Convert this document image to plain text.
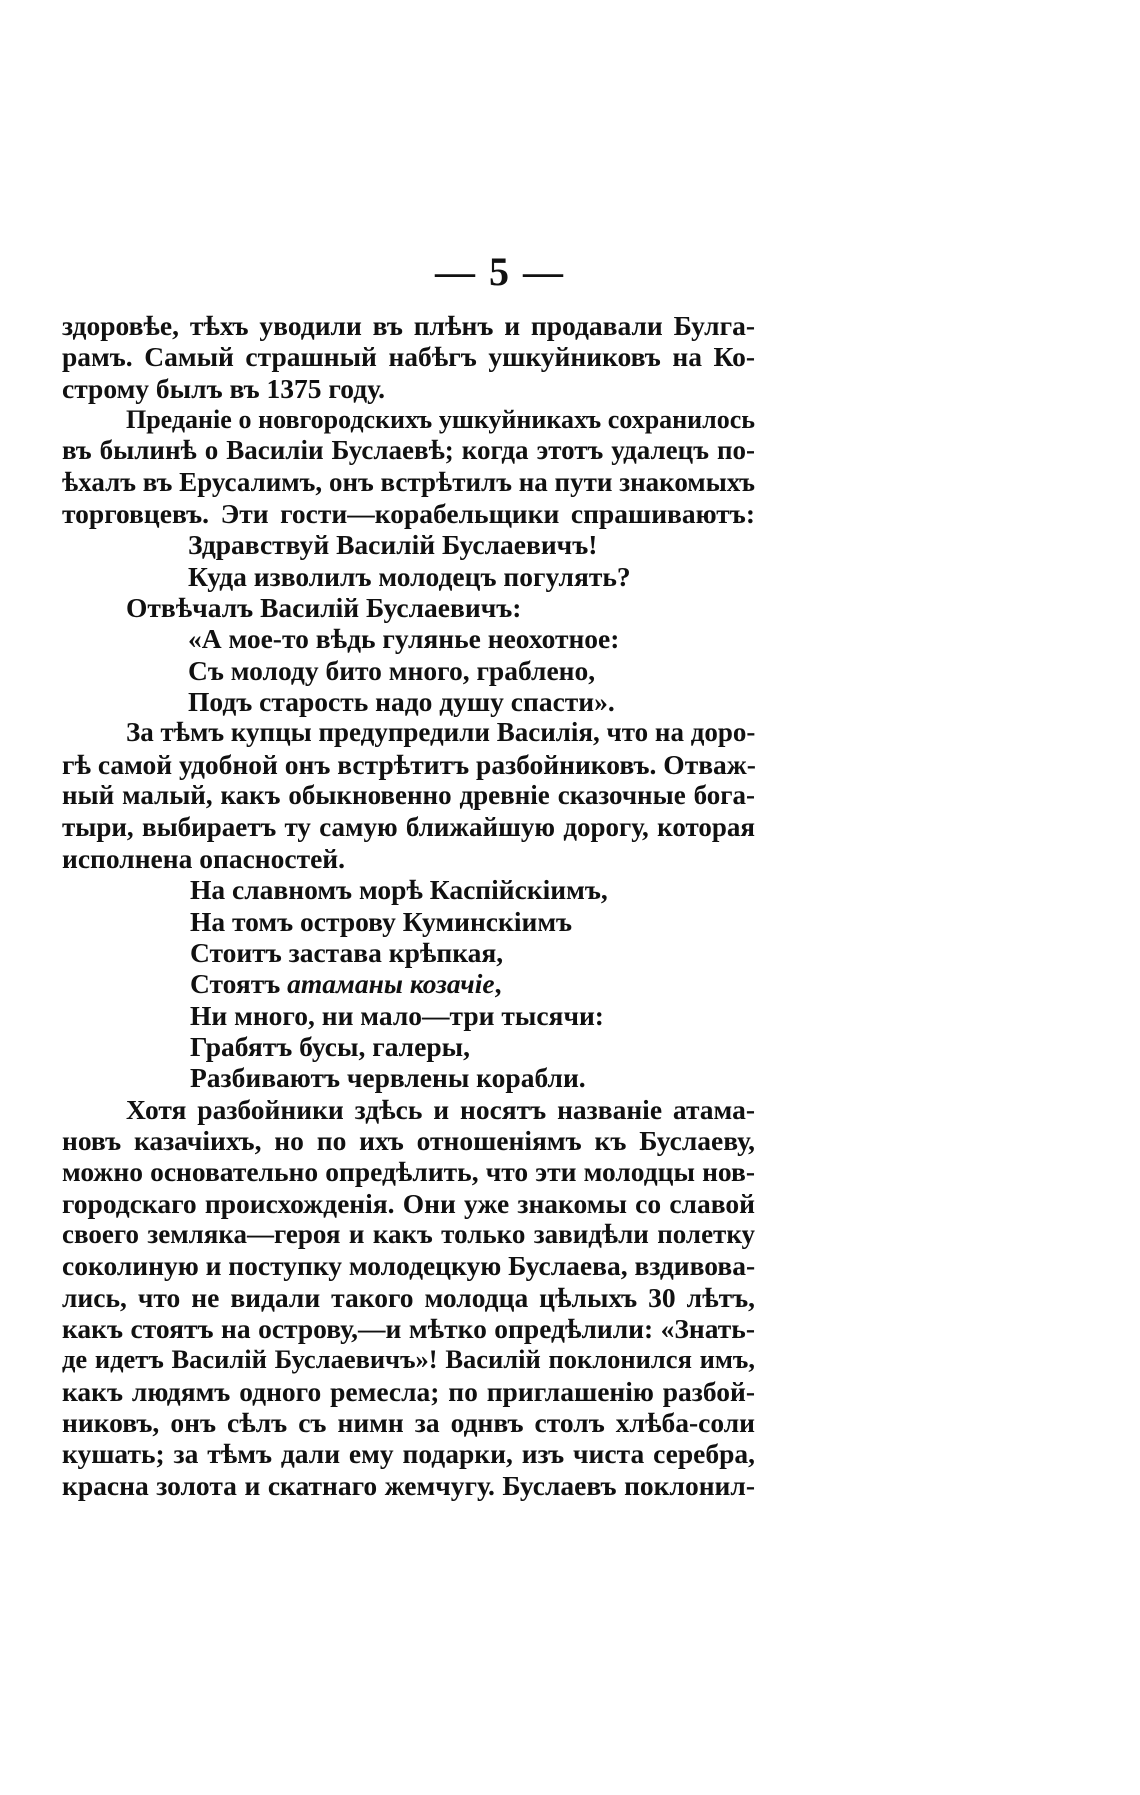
— 5 —
здоровѣе, тѣхъ уводили въ плѣнъ и продавали Булга-
рамъ. Самый страшный набѣгъ ушкуйниковъ на Ко-
строму былъ въ 1375 году.
Преданіе о новгородскихъ ушкуйникахъ сохранилось
въ былинѣ о Василіи Буслаевѣ; когда этотъ удалецъ по-
ѣхалъ въ Ерусалимъ, онъ встрѣтилъ на пути знакомыхъ
торговцевъ. Эти гости—корабельщики спрашиваютъ:
Здравствуй Василій Буслаевичъ!
Куда изволилъ молодецъ погулять?
Отвѣчалъ Василій Буслаевичъ:
«А мое-то вѣдь гулянье неохотное:
Съ молоду бито много, граблено,
Подъ старость надо душу спасти».
За тѣмъ купцы предупредили Василія, что на доро-
гѣ самой удобной онъ встрѣтитъ разбойниковъ. Отваж-
ный малый, какъ обыкновенно древніе сказочные бога-
тыри, выбираетъ ту самую ближайшую дорогу, которая
исполнена опасностей.
На славномъ морѣ Каспійскіимъ,
На томъ острову Куминскіимъ
Стоитъ застава крѣпкая,
Стоятъ атаманы козачіе,
Ни много, ни мало—три тысячи:
Грабятъ бусы, галеры,
Разбиваютъ червлены корабли.
Хотя разбойники здѣсь и носятъ названіе атама-
новъ казачіихъ, но по ихъ отношеніямъ къ Буслаеву,
можно основательно опредѣлить, что эти молодцы нов-
городскаго происхожденія. Они уже знакомы со славой
своего земляка—героя и какъ только завидѣли полетку
соколиную и поступку молодецкую Буслаева, вздивова-
лись, что не видали такого молодца цѣлыхъ 30 лѣтъ,
какъ стоятъ на острову,—и мѣтко опредѣлили: «Знать-
де идетъ Василій Буслаевичъ»! Василій поклонился имъ,
какъ людямъ одного ремесла; по приглашенію разбой-
никовъ, онъ сѣлъ съ нимн за однвъ столъ хлѣба-соли
кушать; за тѣмъ дали ему подарки, изъ чиста серебра,
красна золота и скатнаго жемчугу. Буслаевъ поклонил-
